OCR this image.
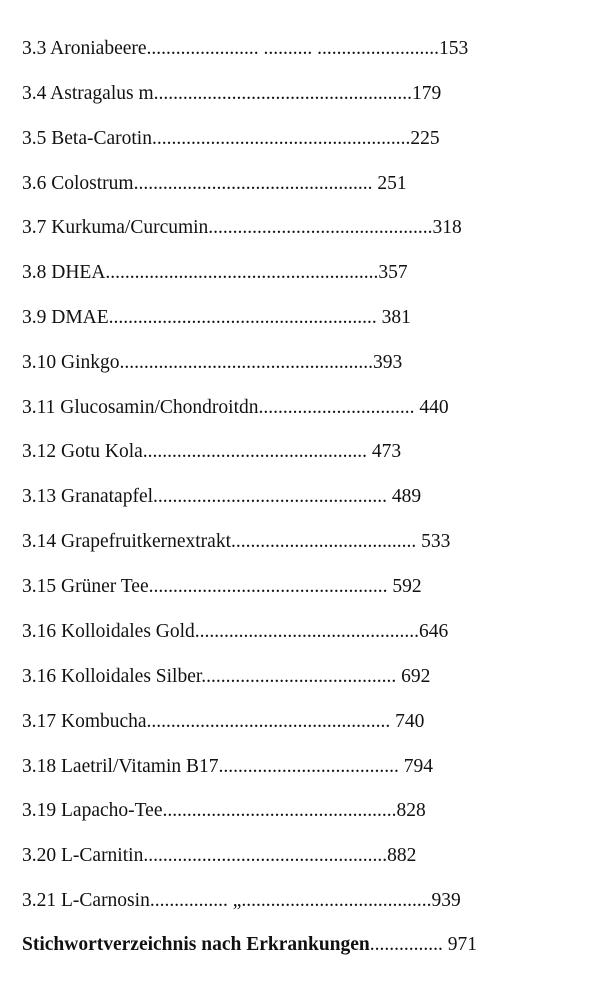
3.3 Aroniabeere....................... .......... .........................153
3.4 Astragalus m.....................................................179
3.5 Beta-Carotin.....................................................225
3.6 Colostrum................................................. 251
3.7 Kurkuma/Curcumin..............................................318
3.8 DHEA........................................................357
3.9 DMAE....................................................... 381
3.10 Ginkgo....................................................393
3.11 Glucosamin/Chondroitdn................................ 440
3.12 Gotu Kola.............................................. 473
3.13 Granatapfel................................................ 489
3.14 Grapefruitkernextrakt...................................... 533
3.15 Grüner Tee................................................. 592
3.16 Kolloidales Gold..............................................646
3.16 Kolloidales Silber........................................ 692
3.17 Kombucha.................................................. 740
3.18 Laetril/Vitamin B17..................................... 794
3.19 Lapacho-Tee................................................828
3.20 L-Carnitin..................................................882
3.21 L-Carnosin................ „.......................................939
Stichwortverzeichnis nach Erkrankungen............... 971
